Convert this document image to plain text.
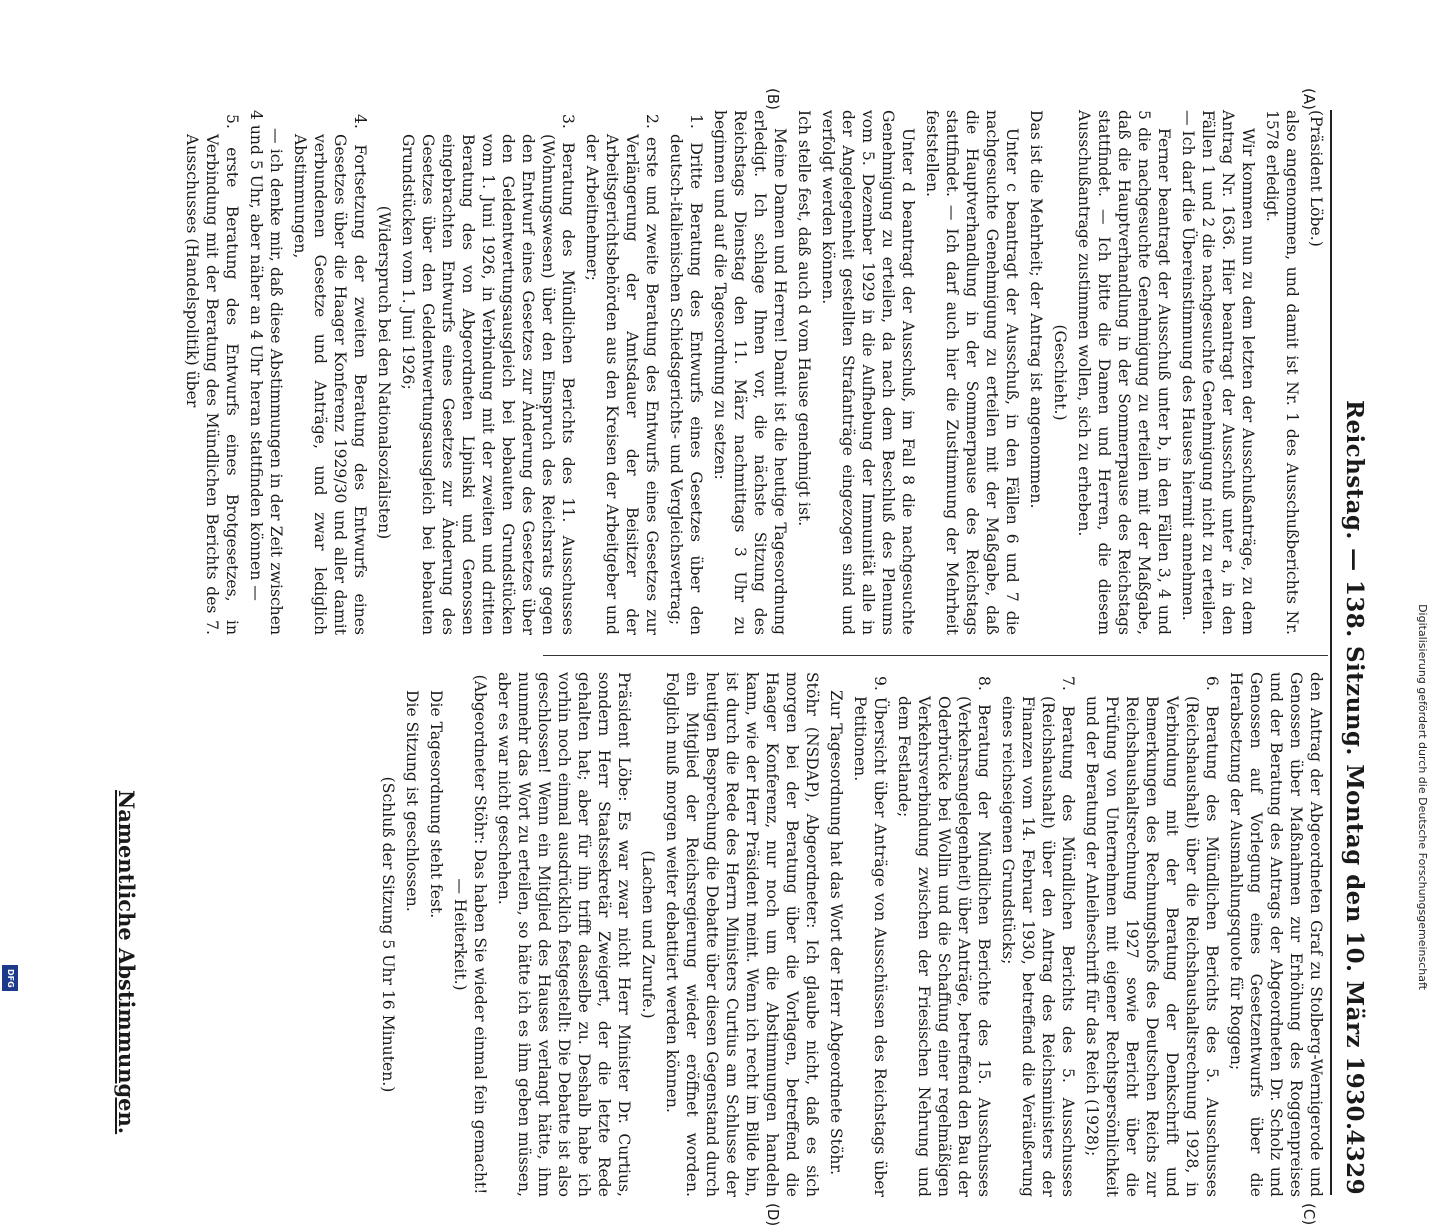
Reichstag. — 138. Sitzung. Montag den 10. März 1930.
4329
(A)
(B)
(C)
(D)

(Präsident Löbe.)

also angenommen, und damit ist Nr. 1 des Ausschußberichts Nr. 1578 erledigt.

Wir kommen nun zu dem letzten der Ausschußanträge, zu dem Antrag Nr. 1636. Hier beantragt der Ausschuß unter a, in den Fällen 1 und 2 die nachgesuchte Genehmigung nicht zu erteilen. — Ich darf die Übereinstimmung des Hauses hiermit annehmen.

Ferner beantragt der Ausschuß unter b, in den Fällen 3, 4 und 5 die nachgesuchte Genehmigung zu erteilen mit der Maßgabe, daß die Hauptverhandlung in der Sommerpause des Reichstags stattfindet. — Ich bitte die Damen und Herren, die diesem Ausschußantrage zustimmen wollen, sich zu erheben.

(Geschieht.)

Das ist die Mehrheit; der Antrag ist angenommen.

Unter c beantragt der Ausschuß, in den Fällen 6 und 7 die nachgesuchte Genehmigung zu erteilen mit der Maßgabe, daß die Hauptverhandlung in der Sommerpause des Reichstags stattfindet. — Ich darf auch hier die Zustimmung der Mehrheit feststellen.

Unter d beantragt der Ausschuß, im Fall 8 die nachgesuchte Genehmigung zu erteilen, da nach dem Beschluß des Plenums vom 5. Dezember 1929 in die Aufhebung der Immunität alle in der Angelegenheit gestellten Strafanträge eingezogen sind und verfolgt werden können.

Ich stelle fest, daß auch d vom Hause genehmigt ist.

Meine Damen und Herren! Damit ist die heutige Tagesordnung erledigt. Ich schlage Ihnen vor, die nächste Sitzung des Reichstags Dienstag den 11. März nachmittags 3 Uhr zu beginnen und auf die Tagesordnung zu setzen:

1. Dritte Beratung des Entwurfs eines Gesetzes über den deutsch-italienischen Schiedsgerichts- und Vergleichsvertrag;

2. erste und zweite Beratung des Entwurfs eines Gesetzes zur Verlängerung der Amtsdauer der Beisitzer der Arbeitsgerichtsbehörden aus den Kreisen der Arbeitgeber und der Arbeitnehmer;

3. Beratung des Mündlichen Berichts des 11. Ausschusses (Wohnungswesen) über den Einspruch des Reichsrats gegen den Entwurf eines Gesetzes zur Änderung des Gesetzes über den Geldentwertungsausgleich bei bebauten Grundstücken vom 1. Juni 1926, in Verbindung mit der zweiten und dritten Beratung des von Abgeordneten Lipinski und Genossen eingebrachten Entwurfs eines Gesetzes zur Änderung des Gesetzes über den Geldentwertungsausgleich bei bebauten Grundstücken vom 1. Juni 1926;

(Widerspruch bei den Nationalsozialisten)

4. Fortsetzung der zweiten Beratung des Entwurfs eines Gesetzes über die Haager Konferenz 1929/30 und aller damit verbundenen Gesetze und Anträge, und zwar lediglich Abstimmungen,

— ich denke mir, daß diese Abstimmungen in der Zeit zwischen 4 und 5 Uhr, aber näher an 4 Uhr heran stattfinden können —

5. erste Beratung des Entwurfs eines Brotgesetzes, in Verbindung mit der Beratung des Mündlichen Berichts des 7. Ausschusses (Handelspolitik) über

den Antrag der Abgeordneten Graf zu Stolberg-Wernigerode und Genossen über Maßnahmen zur Erhöhung des Roggenpreises und der Beratung des Antrags der Abgeordneten Dr. Scholz und Genossen auf Vorlegung eines Gesetzentwurfs über die Herabsetzung der Ausmahlungsquote für Roggen;

6. Beratung des Mündlichen Berichts des 5. Ausschusses (Reichshaushalt) über die Reichshaushaltsrechnung 1928, in Verbindung mit der Beratung der Denkschrift und Bemerkungen des Rechnungshofs des Deutschen Reichs zur Reichshaushaltsrechnung 1927 sowie Bericht über die Prüfung von Unternehmen mit eigener Rechtspersönlichkeit und der Beratung der Anleiheschrift für das Reich (1928);

7. Beratung des Mündlichen Berichts des 5. Ausschusses (Reichshaushalt) über den Antrag des Reichsministers der Finanzen vom 14. Februar 1930, betreffend die Veräußerung eines reichseigenen Grundstücks;

8. Beratung der Mündlichen Berichte des 15. Ausschusses (Verkehrsangelegenheit) über Anträge, betreffend den Bau der Oderbrücke bei Wollin und die Schaffung einer regelmäßigen Verkehrsverbindung zwischen der Friesischen Nehrung und dem Festlande;

9. Übersicht über Anträge von Ausschüssen des Reichstags über Petitionen.

Zur Tagesordnung hat das Wort der Herr Abgeordnete Stöhr.

Stöhr (NSDAP), Abgeordneter: Ich glaube nicht, daß es sich morgen bei der Beratung über die Vorlagen, betreffend die Haager Konferenz, nur noch um die Abstimmungen handeln kann, wie der Herr Präsident meint. Wenn ich recht im Bilde bin, ist durch die Rede des Herrn Ministers Curtius am Schlusse der heutigen Besprechung die Debatte über diesen Gegenstand durch ein Mitglied der Reichsregierung wieder eröffnet worden. Folglich muß morgen weiter debattiert werden können.

(Lachen und Zurufe.)

Präsident Löbe: Es war zwar nicht Herr Minister Dr. Curtius, sondern Herr Staatssekretär Zweigert, der die letzte Rede gehalten hat; aber für ihn trifft dasselbe zu. Deshalb habe ich vorhin noch einmal ausdrücklich festgestellt: Die Debatte ist also geschlossen! Wenn ein Mitglied des Hauses verlangt hätte, ihm nunmehr das Wort zu erteilen, so hätte ich es ihm geben müssen, aber es war nicht geschehen.

(Abgeordneter Stöhr: Das haben Sie wieder einmal fein gemacht! — Heiterkeit.)

Die Tagesordnung steht fest.

Die Sitzung ist geschlossen.

(Schluß der Sitzung 5 Uhr 16 Minuten.)

Namentliche Abstimmungen.	Digitalisierung gefördert durch die Deutsche Forschungsgemeinschaft
DFG
